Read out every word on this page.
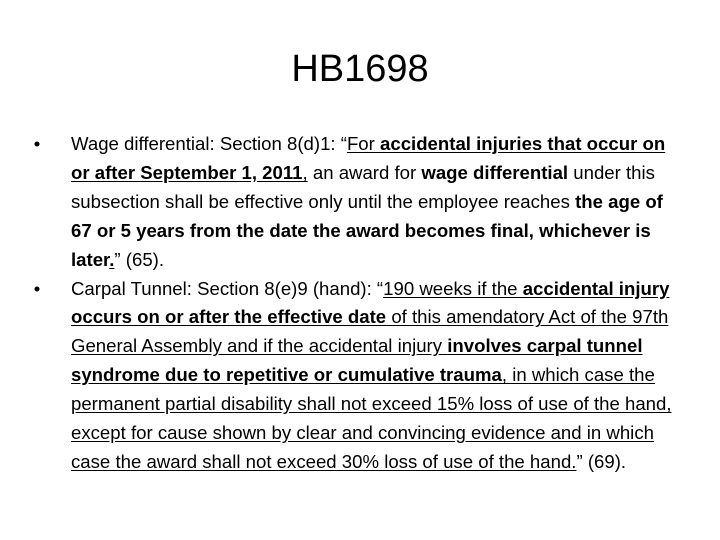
HB1698
• Wage differential: Section 8(d)1: “For accidental injuries that occur on or after September 1, 2011, an award for wage differential under this subsection shall be effective only until the employee reaches the age of 67 or 5 years from the date the award becomes final, whichever is later.” (65).
• Carpal Tunnel: Section 8(e)9 (hand): “190 weeks if the accidental injury occurs on or after the effective date of this amendatory Act of the 97th General Assembly and if the accidental injury involves carpal tunnel syndrome due to repetitive or cumulative trauma, in which case the permanent partial disability shall not exceed 15% loss of use of the hand, except for cause shown by clear and convincing evidence and in which case the award shall not exceed 30% loss of use of the hand.” (69).
